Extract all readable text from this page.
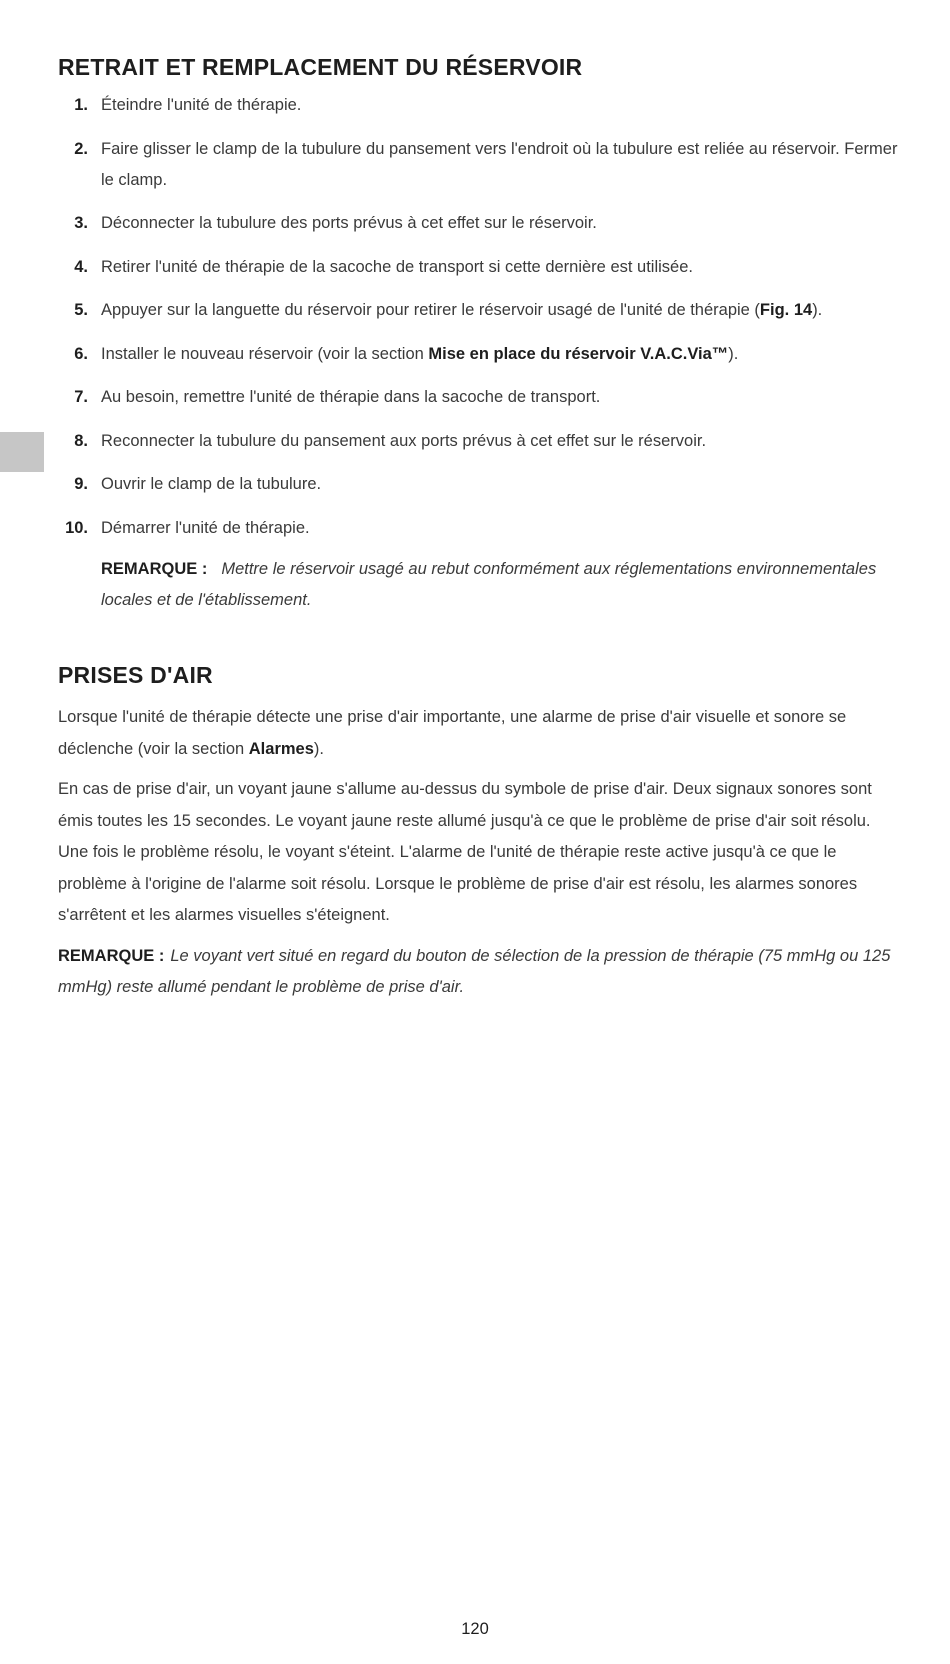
RETRAIT ET REMPLACEMENT DU RÉSERVOIR
1. Éteindre l'unité de thérapie.
2. Faire glisser le clamp de la tubulure du pansement vers l'endroit où la tubulure est reliée au réservoir. Fermer le clamp.
3. Déconnecter la tubulure des ports prévus à cet effet sur le réservoir.
4. Retirer l'unité de thérapie de la sacoche de transport si cette dernière est utilisée.
5. Appuyer sur la languette du réservoir pour retirer le réservoir usagé de l'unité de thérapie (Fig. 14).
6. Installer le nouveau réservoir (voir la section Mise en place du réservoir V.A.C.Via™).
7. Au besoin, remettre l'unité de thérapie dans la sacoche de transport.
8. Reconnecter la tubulure du pansement aux ports prévus à cet effet sur le réservoir.
9. Ouvrir le clamp de la tubulure.
10. Démarrer l'unité de thérapie.
REMARQUE : Mettre le réservoir usagé au rebut conformément aux réglementations environnementales locales et de l'établissement.
PRISES D'AIR

Lorsque l'unité de thérapie détecte une prise d'air importante, une alarme de prise d'air visuelle et sonore se déclenche (voir la section Alarmes).

En cas de prise d'air, un voyant jaune s'allume au-dessus du symbole de prise d'air. Deux signaux sonores sont émis toutes les 15 secondes. Le voyant jaune reste allumé jusqu'à ce que le problème de prise d'air soit résolu. Une fois le problème résolu, le voyant s'éteint. L'alarme de l'unité de thérapie reste active jusqu'à ce que le problème à l'origine de l'alarme soit résolu. Lorsque le problème de prise d'air est résolu, les alarmes sonores s'arrêtent et les alarmes visuelles s'éteignent.

REMARQUE : Le voyant vert situé en regard du bouton de sélection de la pression de thérapie (75 mmHg ou 125 mmHg) reste allumé pendant le problème de prise d'air.
120
